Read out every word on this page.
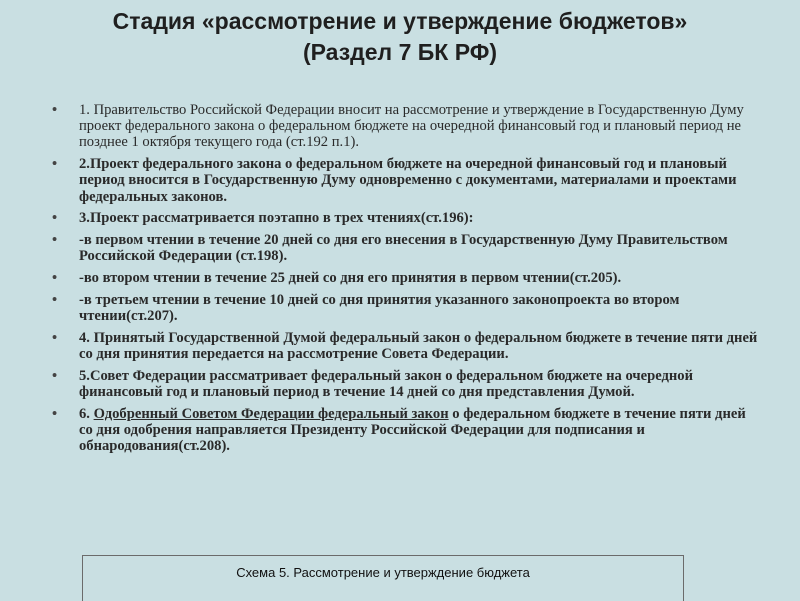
Стадия «рассмотрение и утверждение бюджетов»
(Раздел 7 БК РФ)
• 1. Правительство Российской Федерации вносит на рассмотрение и утверждение в Государственную Думу проект федерального закона о федеральном бюджете на очередной финансовый год и плановый период не позднее 1 октября текущего года (ст.192 п.1).
• 2.Проект федерального закона о федеральном бюджете на очередной финансовый год и плановый период вносится в Государственную Думу одновременно с документами, материалами и проектами федеральных законов.
• 3.Проект рассматривается поэтапно в трех чтениях(ст.196):
• -в первом чтении в течение 20 дней со дня его внесения в Государственную Думу Правительством Российской Федерации (ст.198).
• -во втором чтении в течение 25 дней со дня его принятия в первом чтении(ст.205).
• -в третьем чтении в течение 10 дней со дня принятия указанного законопроекта во втором чтении(ст.207).
• 4. Принятый Государственной Думой федеральный закон о федеральном бюджете в течение пяти дней со дня принятия передается на рассмотрение Совета Федерации.
• 5.Совет Федерации рассматривает федеральный закон о федеральном бюджете на очередной финансовый год и плановый период в течение 14 дней со дня представления Думой.
• 6. Одобренный Советом Федерации федеральный закон о федеральном бюджете в течение пяти дней со дня одобрения направляется Президенту Российской Федерации для подписания и обнародования(ст.208).
Схема 5. Рассмотрение и утверждение бюджета
